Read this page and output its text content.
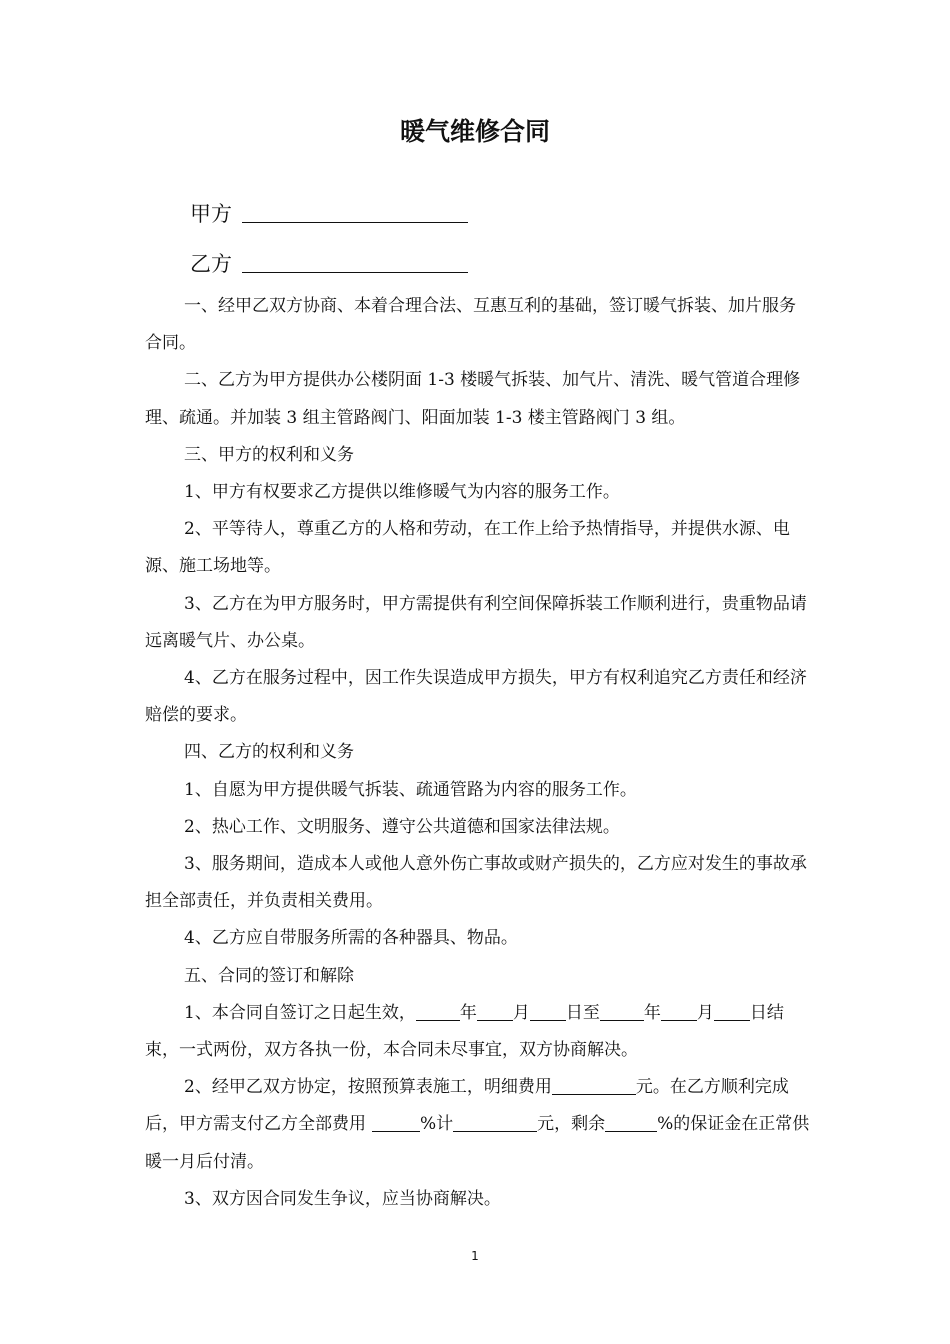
暖气维修合同
甲方
乙方

一、经甲乙双方协商、本着合理合法、互惠互利的基础，签订暖气拆装、加片服务合同。

二、乙方为甲方提供办公楼阴面 1-3 楼暖气拆装、加气片、清洗、暖气管道合理修理、疏通。并加装 3 组主管路阀门、阳面加装 1-3 楼主管路阀门 3 组。

三、甲方的权利和义务

1、甲方有权要求乙方提供以维修暖气为内容的服务工作。

2、平等待人，尊重乙方的人格和劳动，在工作上给予热情指导，并提供水源、电源、施工场地等。

3、乙方在为甲方服务时，甲方需提供有利空间保障拆装工作顺利进行，贵重物品请远离暖气片、办公桌。

4、乙方在服务过程中，因工作失误造成甲方损失，甲方有权利追究乙方责任和经济赔偿的要求。

四、乙方的权利和义务

1、自愿为甲方提供暖气拆装、疏通管路为内容的服务工作。

2、热心工作、文明服务、遵守公共道德和国家法律法规。

3、服务期间，造成本人或他人意外伤亡事故或财产损失的，乙方应对发生的事故承担全部责任，并负责相关费用。

4、乙方应自带服务所需的各种器具、物品。

五、合同的签订和解除

1、本合同自签订之日起生效，	年 月 日至	年 月 日结束，一式两份，双方各执一份，本合同未尽事宜，双方协商解决。

2、经甲乙双方协定，按照预算表施工，明细费用	元。在乙方顺利完成后，甲方需支付乙方全部费用	%计	元，剩余	%的保证金在正常供暖一月后付清。

3、双方因合同发生争议，应当协商解决。

1
